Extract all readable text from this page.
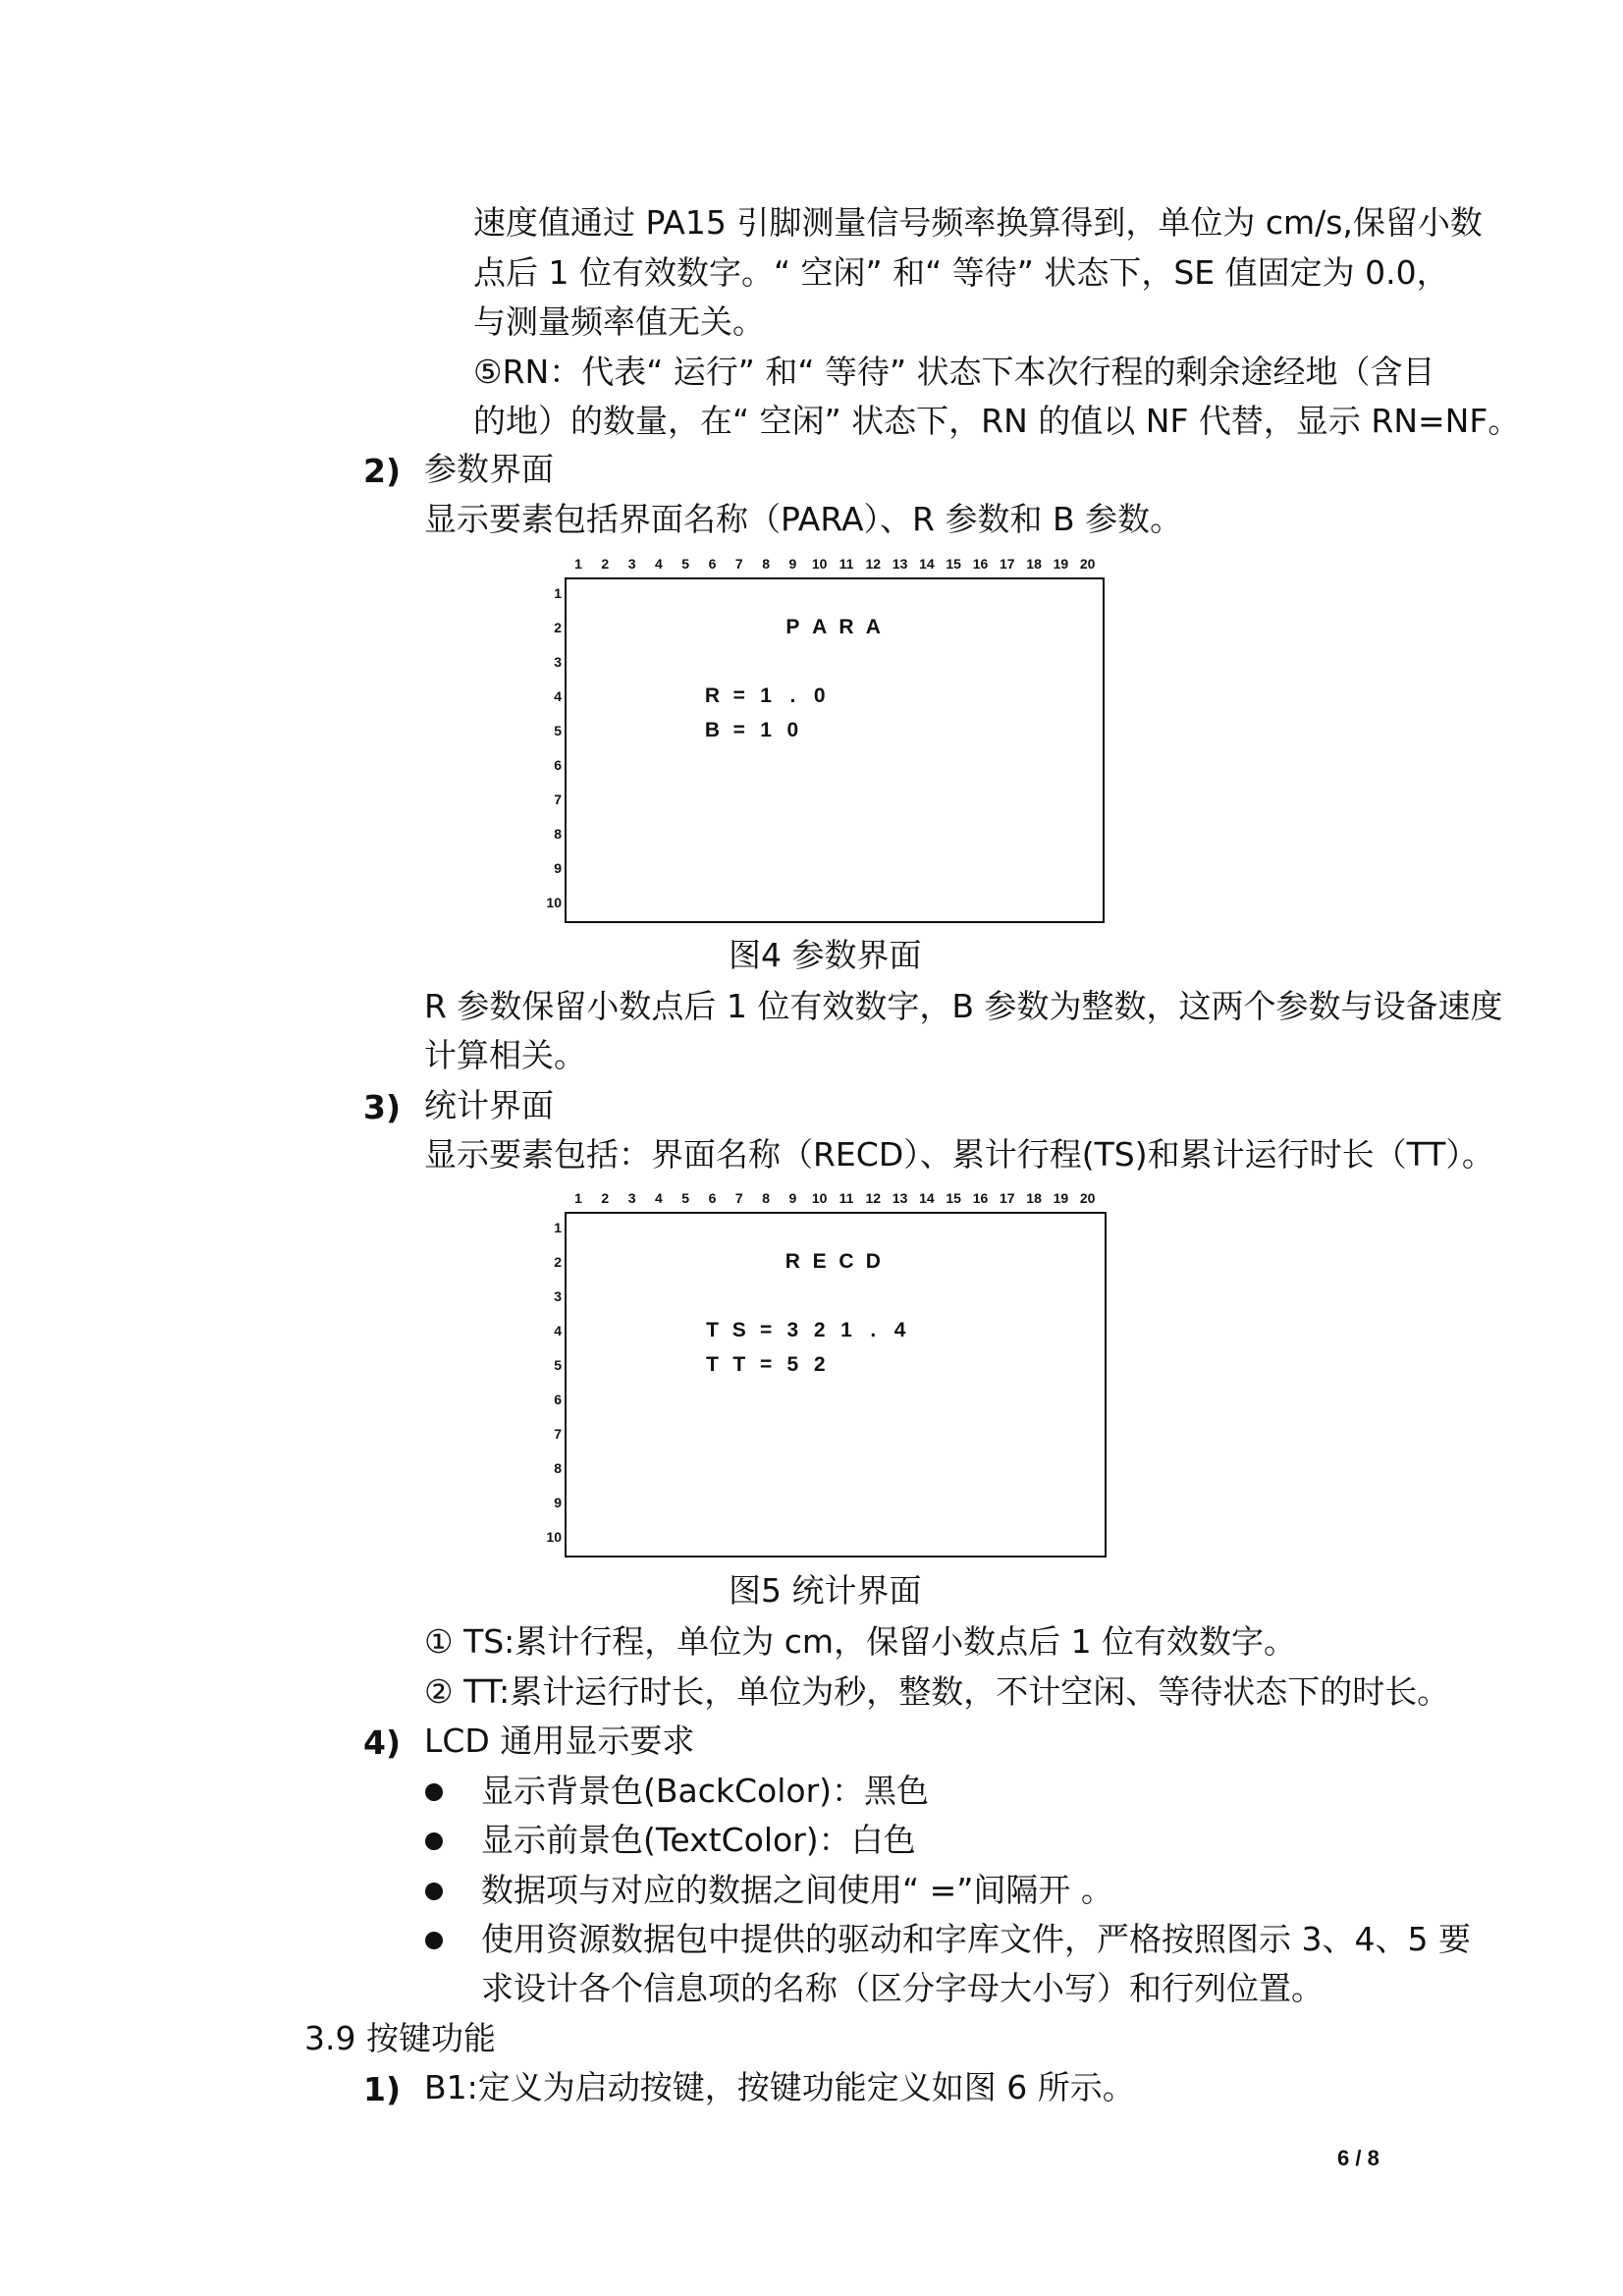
速度值通过 PA15 引脚测量信号频率换算得到，单位为 cm/s,保留小数
点后 1 位有效数字。“ 空闲” 和“ 等待” 状态下，SE 值固定为 0.0，
与测量频率值无关。
⑤RN：代表“ 运行” 和“ 等待” 状态下本次行程的剩余途经地（含目
的地）的数量，在“ 空闲” 状态下，RN 的值以 NF 代替，显示 RN=NF。
2) 参数界面
显示要素包括界面名称（PARA）、R 参数和 B 参数。
1	2	3	4	5	6	7	8	9	10 11 12 13 14 15 16 17 18 19 20
1
2
3
4
5
6
7
8
9
10
P A R A
R = 1 . 0
B = 1 0
图4 参数界面
R 参数保留小数点后 1 位有效数字，B 参数为整数，这两个参数与设备速度
计算相关。
3) 统计界面
显示要素包括：界面名称（RECD）、累计行程(TS)和累计运行时长（TT）。
1	2	3	4	5	6	7	8	9	10 11 12 13 14 15 16 17 18 19 20
1
2
3
4
5
6
7
8
9
10
R E C D
T S = 3 2 1 . 4
T T = 5 2
图5 统计界面
① TS:累计行程，单位为 cm，保留小数点后 1 位有效数字。
② TT:累计运行时长，单位为秒，整数，不计空闲、等待状态下的时长。
4) LCD 通用显示要求
显示背景色(BackColor)：黑色
显示前景色(TextColor)：白色
数据项与对应的数据之间使用“ =”间隔开 。
使用资源数据包中提供的驱动和字库文件，严格按照图示 3、4、5 要
求设计各个信息项的名称（区分字母大小写）和行列位置。
3.9 按键功能
1) B1:定义为启动按键，按键功能定义如图 6 所示。
6 / 8
